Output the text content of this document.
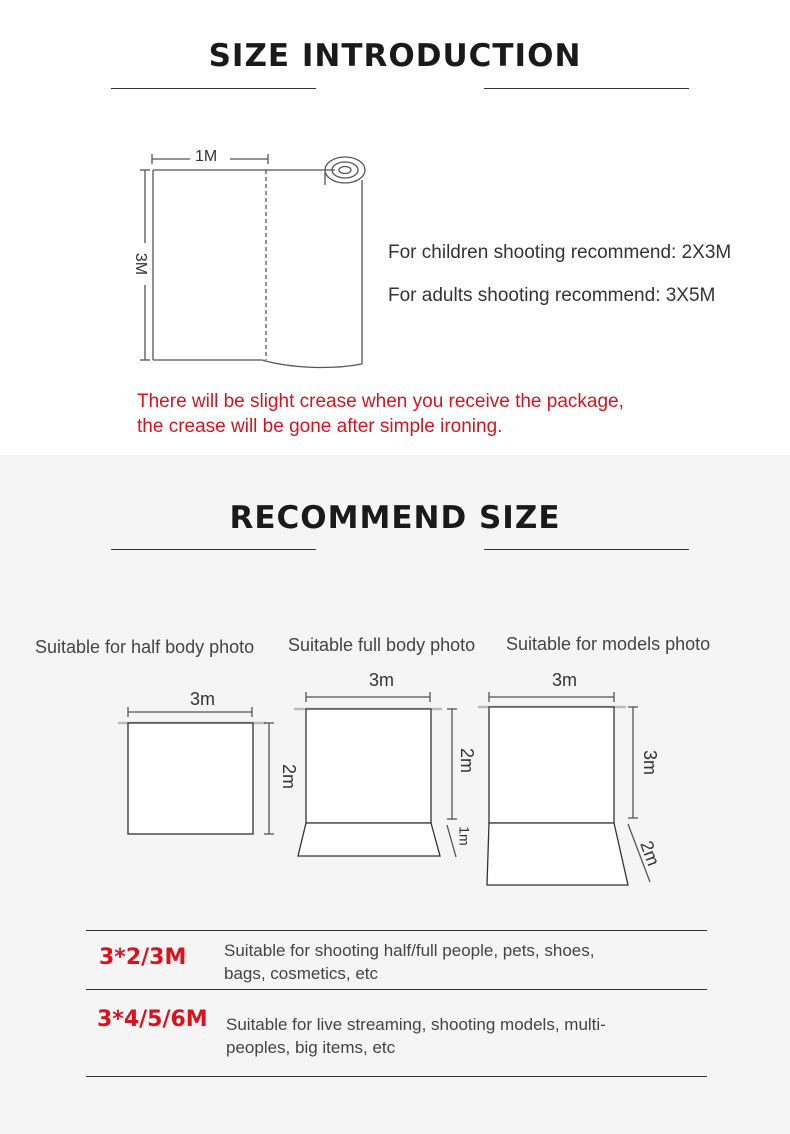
SIZE INTRODUCTION
1M
3M
For children shooting recommend: 2X3M
For adults shooting recommend: 3X5M
There will be slight crease when you receive the package,
the crease will be gone after simple ironing.
RECOMMEND SIZE
Suitable for half body photo Suitable full body photo Suitable for models photo
3m
2m
3m
2m
1m
3m
3m
2m
3*2/3M Suitable for shooting half/full people, pets, shoes, bags, cosmetics, etc
3*4/5/6M Suitable for live streaming, shooting models, multi-peoples, big items, etc
